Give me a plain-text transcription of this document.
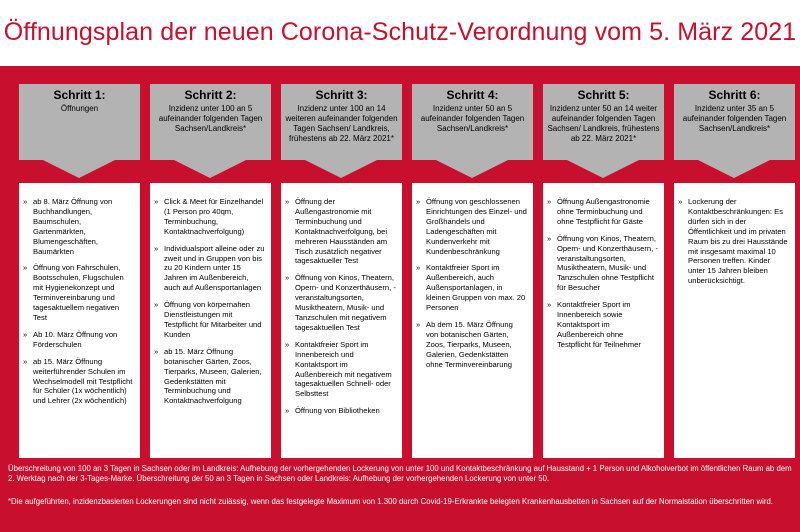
Öffnungsplan der neuen Corona-Schutz-Verordnung vom 5. März 2021
Schritt 1:
Öffnungen
» ab 8. März Öffnung von Buchhandlungen, Baumschulen, Gartenmärkten, Blumengeschäften, Baumärkten
» Öffnung von Fahrschulen, Bootsschulen, Flugschulen mit Hygienekonzept und Terminvereinbarung und tagesaktuellem negativen Test
» Ab 10. März Öffnung von Förderschulen
» ab 15. März Öffnung weiterführender Schulen im Wechselmodell mit Testpflicht für Schüler (1x wöchentlich) und Lehrer (2x wöchentlich)
Schritt 2:
Inzidenz unter 100 an 5 aufeinander folgenden Tagen Sachsen/Landkreis*
» Click & Meet für Einzelhandel (1 Person pro 40qm, Terminbuchung, Kontaktnachverfolgung)
» Individualsport alleine oder zu zweit und in Gruppen von bis zu 20 Kindern unter 15 Jahren im Außenbereich, auch auf Außensportanlagen
» Öffnung von körpernahen Dienstleistungen mit Testpflicht für Mitarbeiter und Kunden
» ab 15. März Öffnung botanischer Gärten, Zoos, Tierparks, Museen, Galerien, Gedenkstätten mit Terminbuchung und Kontaktnachverfolgung
Schritt 3:
Inzidenz unter 100 an 14 weiteren aufeinander folgenden Tagen Sachsen/ Landkreis, frühestens ab 22. März 2021*
» Öffnung der Außengastronomie mit Terminbuchung und Kontaktnachverfolgung, bei mehreren Hausständen am Tisch zusätzlich negativer tagesaktueller Test
» Öffnung von Kinos, Theatern, Opern- und Konzerthäusern, -veranstaltungsorten, Musiktheatern, Musik- und Tanzschulen mit negativem tagesaktuellen Test
» Kontaktfreier Sport im Innenbereich und Kontaktsport im Außenbereich mit negativem tagesaktuellen Schnell- oder Selbsttest
» Öffnung von Bibliotheken
Schritt 4:
Inzidenz unter 50 an 5 aufeinander folgenden Tagen Sachsen/Landkreis*
» Öffnung von geschlossenen Einrichtungen des Einzel- und Großhandels und Ladengeschäften mit Kundenverkehr mit Kundenbeschränkung
» Kontaktfreier Sport im Außenbereich, auch Außensportanlagen, in kleinen Gruppen von max. 20 Personen
» Ab dem 15. März Öffnung von botanischen Gärten, Zoos, Tierparks, Museen, Galerien, Gedenkstätten ohne Terminvereinbarung
Schritt 5:
Inzidenz unter 50 an 14 weiter aufeinander folgenden Tagen Sachsen/ Landkreis, frühestens ab 22. März 2021*
» Öffnung Außengastronomie ohne Terminbuchung und ohne Testpflicht für Gäste
» Öffnung von Kinos, Theatern, Opern- und Konzerthäusern, -veranstaltungsorten, Musiktheatern, Musik- und Tanzschulen ohne Testpflicht für Besucher
» Kontaktfreier Sport im Innenbereich sowie Kontaktsport im Außenbereich ohne Testpflicht für Teilnehmer
Schritt 6:
Inzidenz unter 35 an 5 aufeinander folgenden Tagen Sachsen/Landkreis*
» Lockerung der Kontaktbeschränkungen: Es dürfen sich in der Öffentlichkeit und im privaten Raum bis zu drei Hausstände mit insgesamt maximal 10 Personen treffen. Kinder unter 15 Jahren bleiben unberücksichtigt.
Überschreitung von 100 an 3 Tagen in Sachsen oder im Landkreis: Aufhebung der vorhergehenden Lockerung von unter 100 und Kontaktbeschränkung auf Hausstand + 1 Person und Alkoholverbot im öffentlichen Raum ab dem 2. Werktag nach der 3-Tages-Marke. Überschreitung der 50 an 3 Tagen in Sachsen oder Landkreis: Aufhebung der vorhergehenden Lockerung von unter 50.
*Die aufgeführten, inzidenzbasierten Lockerungen sind nicht zulässig, wenn das festgelegte Maximum von 1.300 durch Covid-19-Erkrankte belegten Krankenhausbetten in Sachsen auf der Normalstation überschritten wird.
